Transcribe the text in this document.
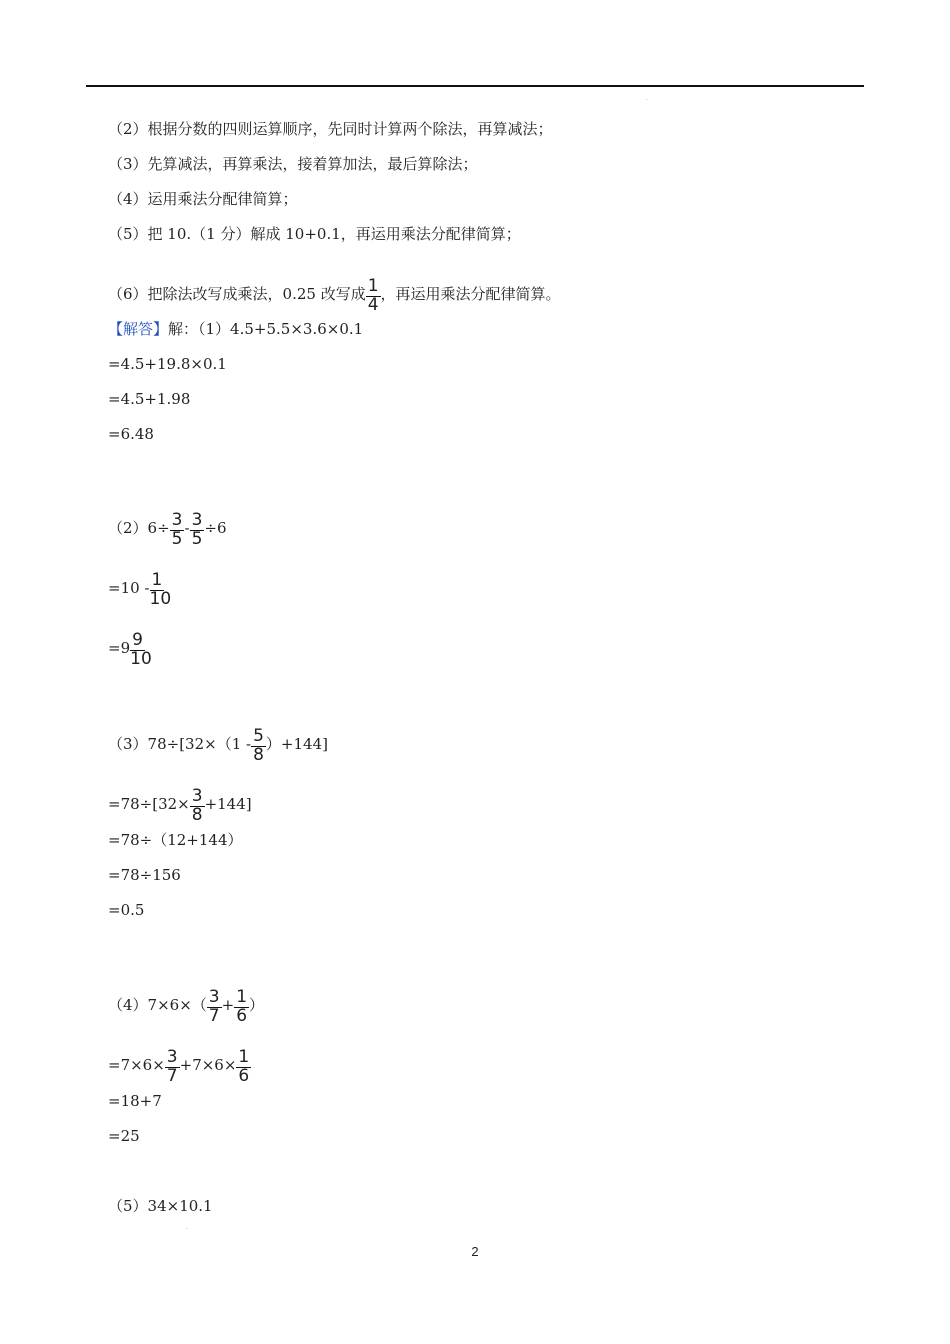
·
（2）根据分数的四则运算顺序，先同时计算两个除法，再算减法；
（3）先算减法，再算乘法，接着算加法，最后算除法；
（4）运用乘法分配律简算；
（5）把 10.（1 分）解成 10+0.1，再运用乘法分配律简算；
（6）把除法改写成乘法，0.25 改写成 $\frac{1}{4}$ ，再运用乘法分配律简算。
【解答】解：（1）4.5+5.5×3.6×0.1
=4.5+19.8×0.1
=4.5+1.98
=6.48
$(2)6\div \frac{3}{5} - \frac{3}{5} \div 6$
$=10 - \frac{1}{10}$
$=9 \frac{9}{10}$
$(3)78\div[32\times(1 - \frac{5}{8} )+144]$
$=78\div[32\times \frac{3}{8} +144]$
=78÷（12+144）
=78÷156
=0.5
$(4)7\times 6\times( \frac{3}{7} + \frac{1}{6}$ ）
$=7\times 6\times \frac{3}{7} +7\times 6\times \frac{1}{6}$
=18+7
=25
（5）34×10.1
·
2
